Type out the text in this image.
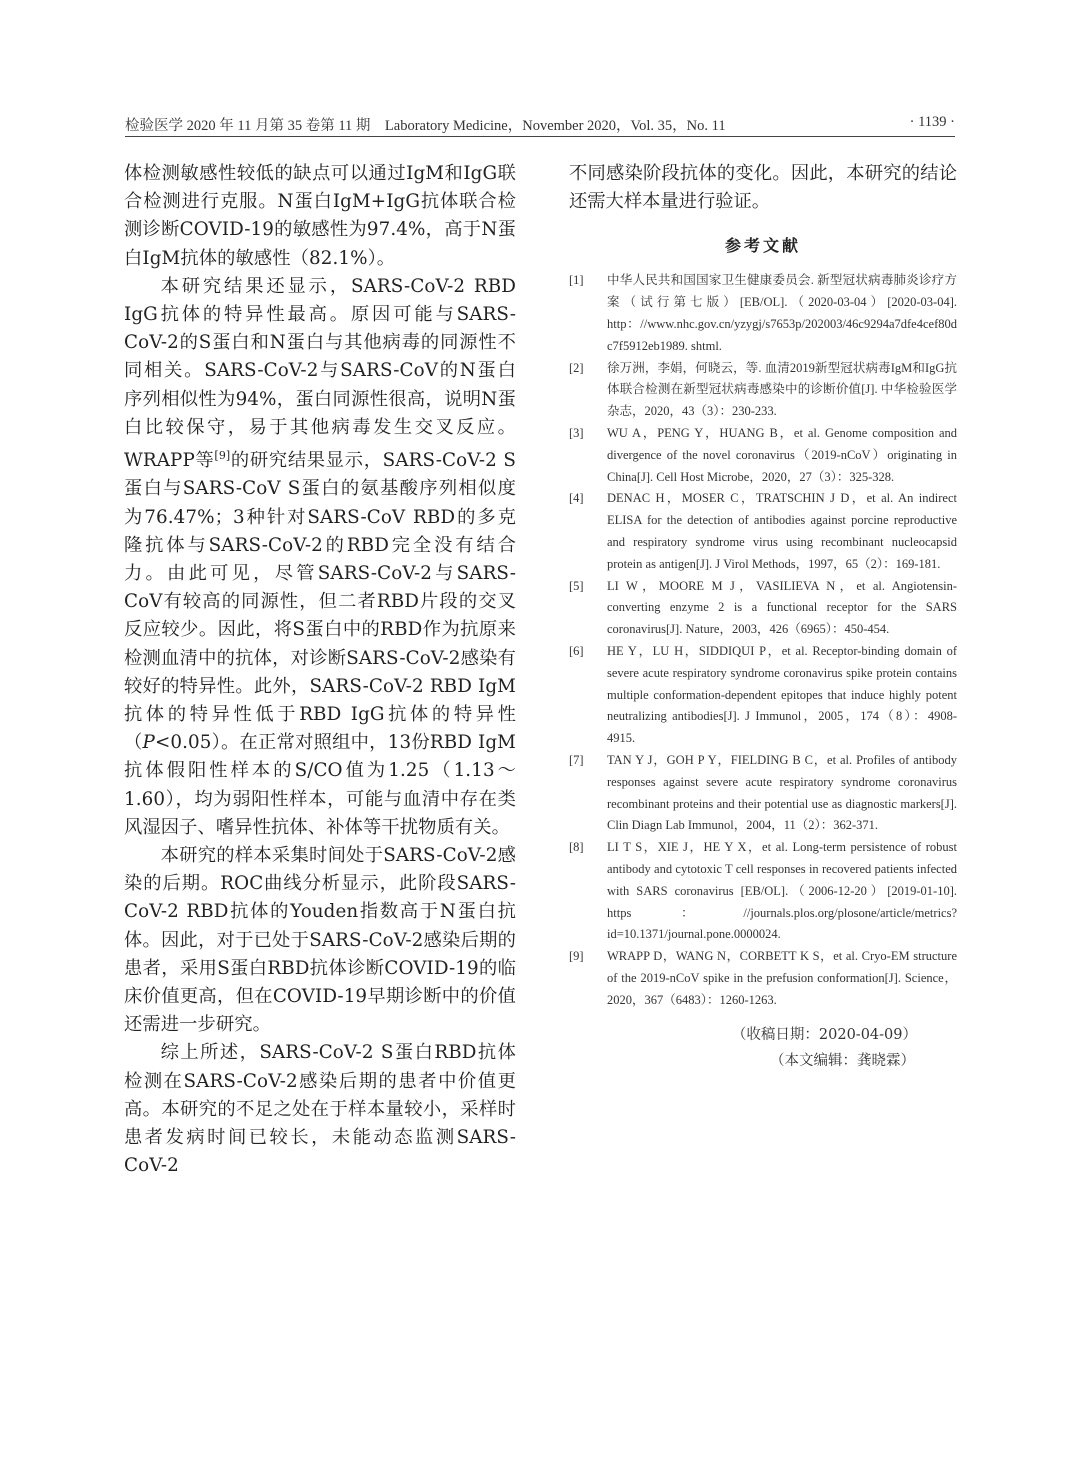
检验医学 2020 年 11 月第 35 卷第 11 期　Laboratory Medicine，November 2020，Vol. 35，No. 11	· 1139 ·

体检测敏感性较低的缺点可以通过IgM和IgG联合检测进行克服。N蛋白IgM+IgG抗体联合检测诊断COVID-19的敏感性为97.4%，高于N蛋白IgM抗体的敏感性（82.1%）。

本研究结果还显示，SARS-CoV-2 RBD IgG抗体的特异性最高。原因可能与SARS-CoV-2的S蛋白和N蛋白与其他病毒的同源性不同相关。SARS-CoV-2与SARS-CoV的N蛋白序列相似性为94%，蛋白同源性很高，说明N蛋白比较保守，易于其他病毒发生交叉反应。WRAPP等[9]的研究结果显示，SARS-CoV-2 S蛋白与SARS-CoV S蛋白的氨基酸序列相似度为76.47%；3种针对SARS-CoV RBD的多克隆抗体与SARS-CoV-2的RBD完全没有结合力。由此可见，尽管SARS-CoV-2与SARS-CoV有较高的同源性，但二者RBD片段的交叉反应较少。因此，将S蛋白中的RBD作为抗原来检测血清中的抗体，对诊断SARS-CoV-2感染有较好的特异性。此外，SARS-CoV-2 RBD IgM抗体的特异性低于RBD IgG抗体的特异性（P<0.05）。在正常对照组中，13份RBD IgM抗体假阳性样本的S/CO值为1.25（1.13～1.60），均为弱阳性样本，可能与血清中存在类风湿因子、嗜异性抗体、补体等干扰物质有关。

本研究的样本采集时间处于SARS-CoV-2感染的后期。ROC曲线分析显示，此阶段SARS-CoV-2 RBD抗体的Youden指数高于N蛋白抗体。因此，对于已处于SARS-CoV-2感染后期的患者，采用S蛋白RBD抗体诊断COVID-19的临床价值更高，但在COVID-19早期诊断中的价值还需进一步研究。

综上所述，SARS-CoV-2 S蛋白RBD抗体检测在SARS-CoV-2感染后期的患者中价值更高。本研究的不足之处在于样本量较小，采样时患者发病时间已较长，未能动态监测SARS-CoV-2

不同感染阶段抗体的变化。因此，本研究的结论还需大样本量进行验证。

参考文献
[1]	中华人民共和国国家卫生健康委员会. 新型冠状病毒肺炎诊疗方案（试行第七版）[EB/OL].（2020-03-04）[2020-03-04]. http：//www.nhc.gov.cn/yzygj/s7653p/202003/46c9294a7dfe4cef80dc7f5912eb1989. shtml.
[2]	徐万洲，李娟，何晓云，等. 血清2019新型冠状病毒IgM和IgG抗体联合检测在新型冠状病毒感染中的诊断价值[J]. 中华检验医学杂志，2020，43（3）：230-233.
[3]	WU A，PENG Y，HUANG B，et al. Genome composition and divergence of the novel coronavirus（2019-nCoV）originating in China[J]. Cell Host Microbe，2020，27（3）：325-328.
[4]	DENAC H，MOSER C，TRATSCHIN J D，et al. An indirect ELISA for the detection of antibodies against porcine reproductive and respiratory syndrome virus using recombinant nucleocapsid protein as antigen[J]. J Virol Methods，1997，65（2）：169-181.
[5]	LI W，MOORE M J，VASILIEVA N，et al. Angiotensin-converting enzyme 2 is a functional receptor for the SARS coronavirus[J]. Nature，2003，426（6965）：450-454.
[6]	HE Y，LU H，SIDDIQUI P，et al. Receptor-binding domain of severe acute respiratory syndrome coronavirus spike protein contains multiple conformation-dependent epitopes that induce highly potent neutralizing antibodies[J]. J Immunol，2005，174（8）：4908-4915.
[7]	TAN Y J，GOH P Y，FIELDING B C，et al. Profiles of antibody responses against severe acute respiratory syndrome coronavirus recombinant proteins and their potential use as diagnostic markers[J]. Clin Diagn Lab Immunol，2004，11（2）：362-371.
[8]	LI T S，XIE J，HE Y X，et al. Long-term persistence of robust antibody and cytotoxic T cell responses in recovered patients infected with SARS coronavirus [EB/OL].（2006-12-20）[2019-01-10]. https：//journals.plos.org/plosone/article/metrics?id=10.1371/journal.pone.0000024.
[9]	WRAPP D，WANG N，CORBETT K S，et al. Cryo-EM structure of the 2019-nCoV spike in the prefusion conformation[J]. Science，2020，367（6483）：1260-1263.
（收稿日期：2020-04-09）
（本文编辑：龚晓霖）
